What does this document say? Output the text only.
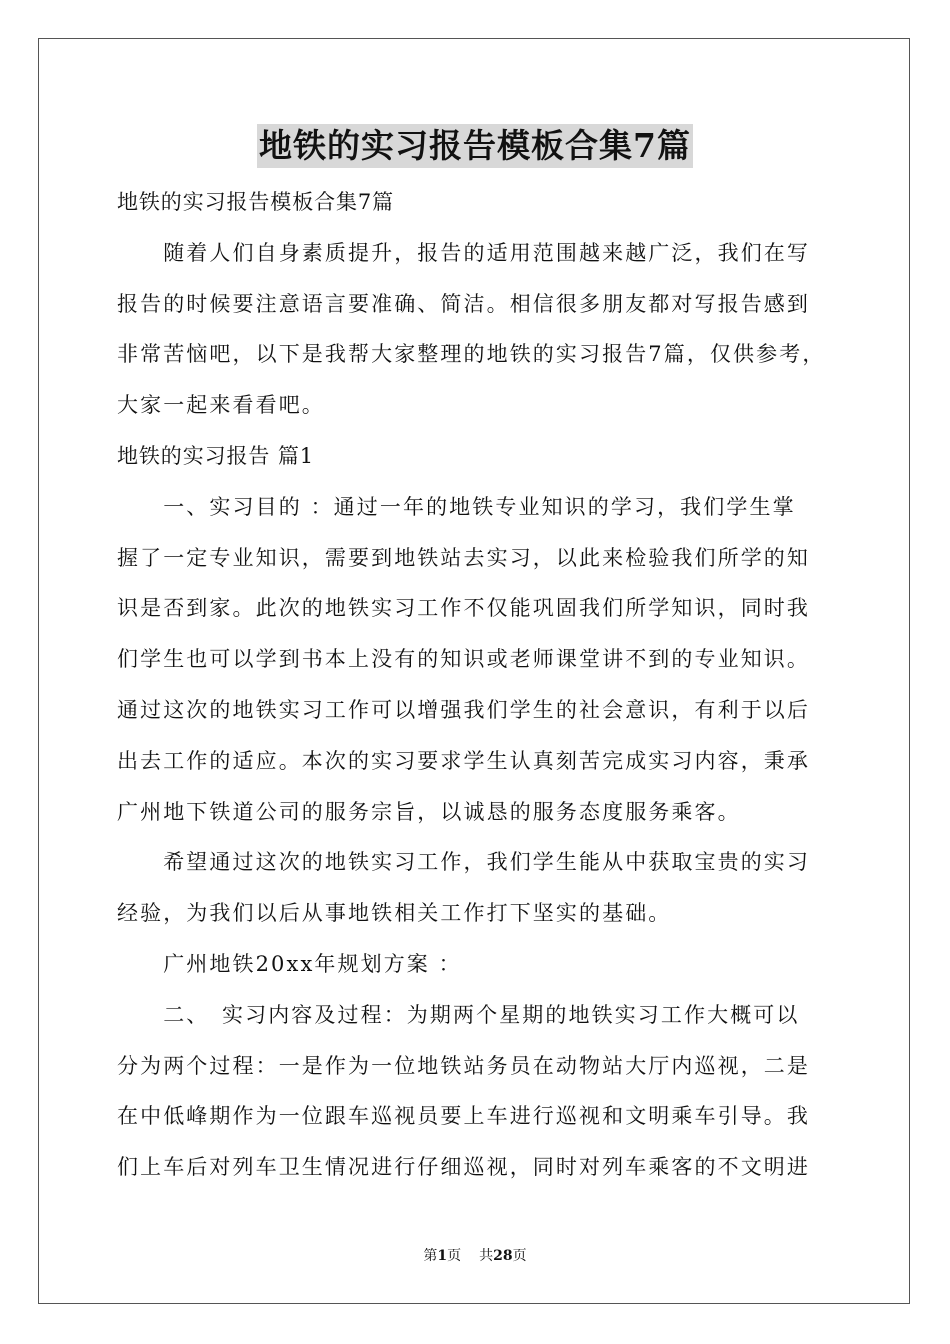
地铁的实习报告模板合集7篇
地铁的实习报告模板合集7篇
　　随着人们自身素质提升，报告的适用范围越来越广泛，我们在写
报告的时候要注意语言要准确、简洁。相信很多朋友都对写报告感到
非常苦恼吧，以下是我帮大家整理的地铁的实习报告7篇，仅供参考，
大家一起来看看吧。
地铁的实习报告 篇1
　　一、实习目的 ：通过一年的地铁专业知识的学习，我们学生掌
握了一定专业知识，需要到地铁站去实习，以此来检验我们所学的知
识是否到家。此次的地铁实习工作不仅能巩固我们所学知识，同时我
们学生也可以学到书本上没有的知识或老师课堂讲不到的专业知识。
通过这次的地铁实习工作可以增强我们学生的社会意识，有利于以后
出去工作的适应。本次的实习要求学生认真刻苦完成实习内容，秉承
广州地下铁道公司的服务宗旨，以诚恳的服务态度服务乘客。
　　希望通过这次的地铁实习工作，我们学生能从中获取宝贵的实习
经验，为我们以后从事地铁相关工作打下坚实的基础。
　　广州地铁20xx年规划方案 ：
　　二、　实习内容及过程：为期两个星期的地铁实习工作大概可以
分为两个过程：一是作为一位地铁站务员在动物站大厅内巡视，二是
在中低峰期作为一位跟车巡视员要上车进行巡视和文明乘车引导。我
们上车后对列车卫生情况进行仔细巡视，同时对列车乘客的不文明进
第1页 共28页
